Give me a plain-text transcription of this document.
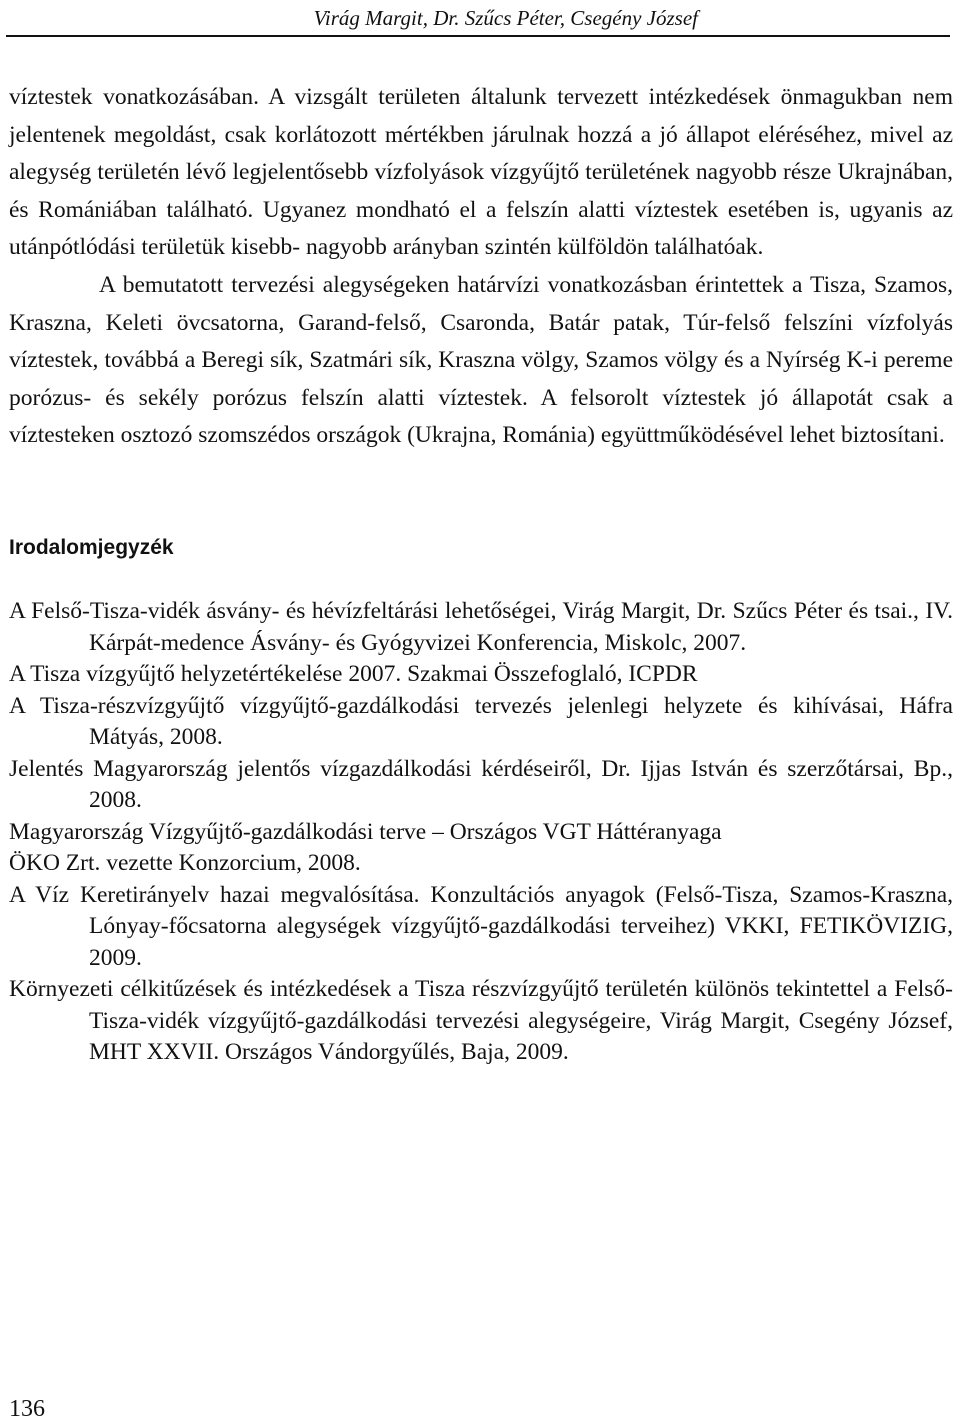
Virág Margit, Dr. Szűcs Péter, Csegény József

víztestek vonatkozásában. A vizsgált területen általunk tervezett intézkedések önmagukban nem jelentenek megoldást, csak korlátozott mértékben járulnak hozzá a jó állapot eléréséhez, mivel az alegység területén lévő legjelentősebb vízfolyások vízgyűjtő területének nagyobb része Ukrajnában, és Romániában található. Ugyanez mondható el a felszín alatti víztestek esetében is, ugyanis az utánpótlódási területük kisebb- nagyobb arányban szintén külföldön találhatóak.

A bemutatott tervezési alegységeken határvízi vonatkozásban érintettek a Tisza, Szamos, Kraszna, Keleti övcsatorna, Garand-felső, Csaronda, Batár patak, Túr-felső felszíni vízfolyás víztestek, továbbá a Beregi sík, Szatmári sík, Kraszna völgy, Szamos völgy és a Nyírség K-i pereme porózus- és sekély porózus felszín alatti víztestek. A felsorolt víztestek jó állapotát csak a víztesteken osztozó szomszédos országok (Ukrajna, Románia) együttműködésével lehet biztosítani.

Irodalomjegyzék
A Felső-Tisza-vidék ásvány- és hévízfeltárási lehetőségei, Virág Margit, Dr. Szűcs Péter és tsai., IV. Kárpát-medence Ásvány- és Gyógyvizei Konferencia, Miskolc, 2007.
A Tisza vízgyűjtő helyzetértékelése 2007. Szakmai Összefoglaló, ICPDR
A Tisza-részvízgyűjtő vízgyűjtő-gazdálkodási tervezés jelenlegi helyzete és kihívásai, Háfra Mátyás, 2008.
Jelentés Magyarország jelentős vízgazdálkodási kérdéseiről, Dr. Ijjas István és szerzőtársai, Bp., 2008.
Magyarország Vízgyűjtő-gazdálkodási terve – Országos VGT Háttéranyaga
ÖKO Zrt. vezette Konzorcium, 2008.
A Víz Keretirányelv hazai megvalósítása. Konzultációs anyagok (Felső-Tisza, Szamos-Kraszna, Lónyay-főcsatorna alegységek vízgyűjtő-gazdálkodási terveihez) VKKI, FETIKÖVIZIG, 2009.
Környezeti célkitűzések és intézkedések a Tisza részvízgyűjtő területén különös tekintettel a Felső-Tisza-vidék vízgyűjtő-gazdálkodási tervezési alegységeire, Virág Margit, Csegény József, MHT XXVII. Országos Vándorgyűlés, Baja, 2009.
136
